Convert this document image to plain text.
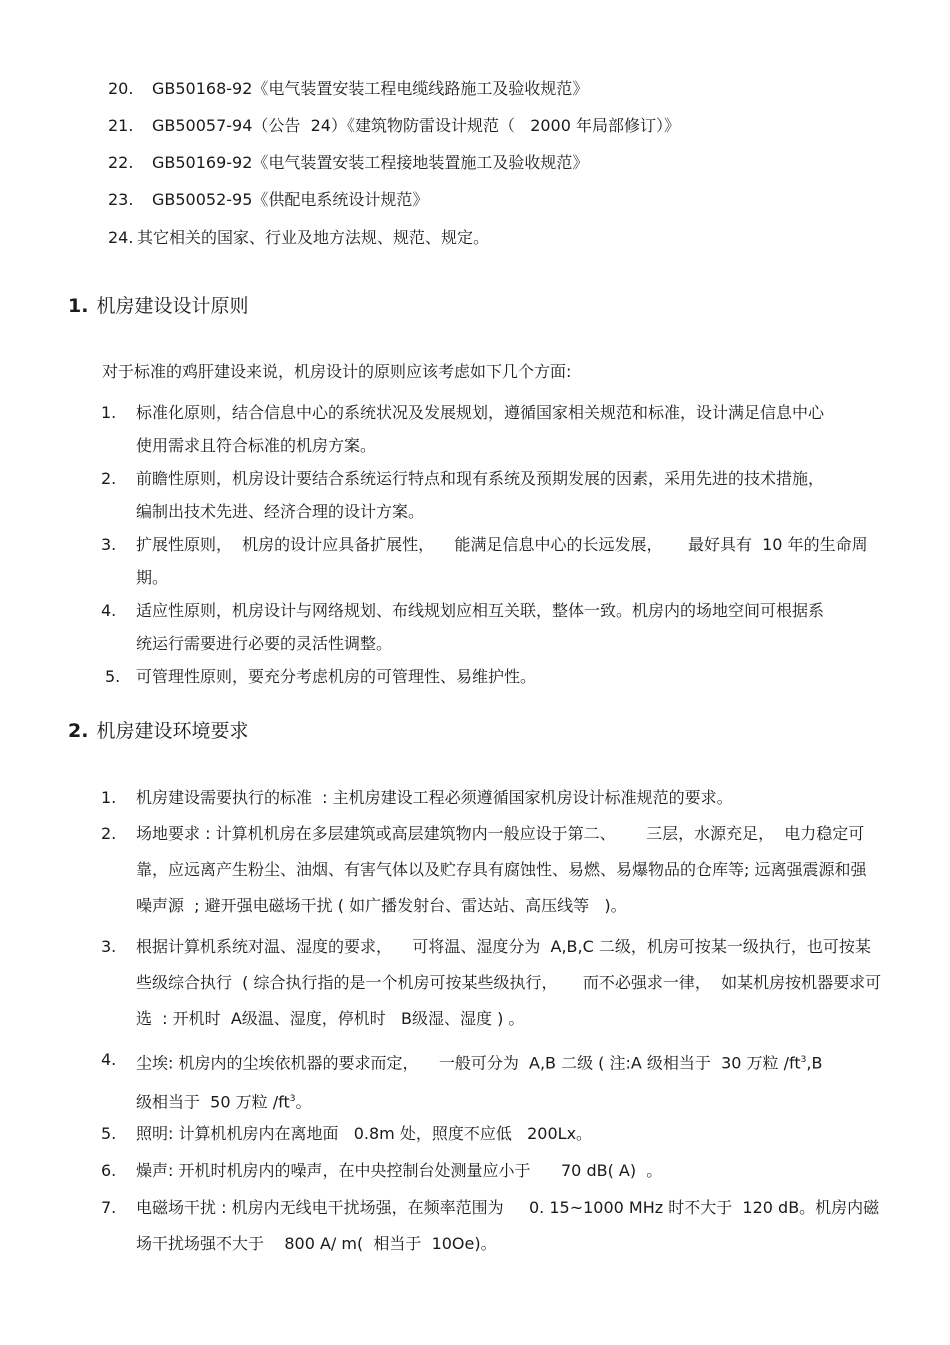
20. GB50168-92《电气装置安装工程电缆线路施工及验收规范》
21. GB50057-94（公告  24）《建筑物防雷设计规范（   2000 年局部修订）》
22. GB50169-92《电气装置安装工程接地装置施工及验收规范》
23. GB50052-95《供配电系统设计规范》
24. 其它相关的国家、行业及地方法规、规范、规定。
1. 机房建设设计原则
对于标准的鸡肝建设来说，机房设计的原则应该考虑如下几个方面:
1. 标准化原则，结合信息中心的系统状况及发展规划，遵循国家相关规范和标准，设计满足信息中心使用需求且符合标准的机房方案。
2. 前瞻性原则，机房设计要结合系统运行特点和现有系统及预期发展的因素，采用先进的技术措施，编制出技术先进、经济合理的设计方案。
3. 扩展性原则，  机房的设计应具备扩展性，    能满足信息中心的长远发展，     最好具有  10 年的生命周期。
4. 适应性原则，机房设计与网络规划、布线规划应相互关联，整体一致。机房内的场地空间可根据系统运行需要进行必要的灵活性调整。
5. 可管理性原则，要充分考虑机房的可管理性、易维护性。
2. 机房建设环境要求
1. 机房建设需要执行的标准  : 主机房建设工程必须遵循国家机房设计标准规范的要求。
2. 场地要求 : 计算机机房在多层建筑或高层建筑物内一般应设于第二、      三层，水源充足，  电力稳定可靠，应远离产生粉尘、油烟、有害气体以及贮存具有腐蚀性、易燃、易爆物品的仓库等; 远离强震源和强噪声源  ; 避开强电磁场干扰 ( 如广播发射台、雷达站、高压线等   )。
3. 根据计算机系统对温、湿度的要求，    可将温、湿度分为  A,B,C 二级，机房可按某一级执行，也可按某些级综合执行  ( 综合执行指的是一个机房可按某些级执行，     而不必强求一律，  如某机房按机器要求可选  : 开机时  A级温、湿度，停机时   B级湿、湿度 ) 。
4. 尘埃: 机房内的尘埃依机器的要求而定，    一般可分为  A,B 二级 ( 注:A 级相当于  30 万粒 $/ft^3,B$
级相当于  50 万粒 $/ft^3$。
5. 照明: 计算机机房内在离地面   0.8m 处，照度不应低   200Lx。
6. 燥声: 开机时机房内的噪声，在中央控制台处测量应小于      70 dB( A)  。
7. 电磁场干扰 : 机房内无线电干扰场强，在频率范围为     0. 15~1000 MHz 时不大于  120 dB。机房内磁场干扰场强不大于    800 A/ m(  相当于  10Oe)。
